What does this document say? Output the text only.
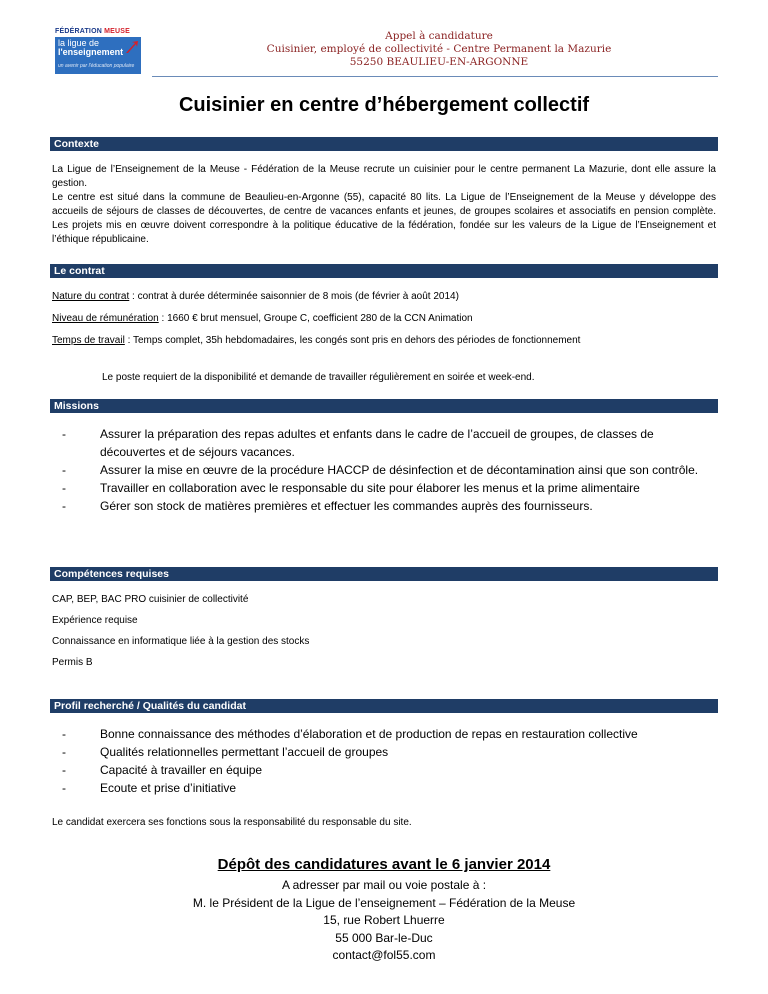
FÉDÉRATION MEUSE
la ligue de
l'enseignement
un avenir par l'éducation populaire
Appel à candidature
Cuisinier, employé de collectivité - Centre Permanent la Mazurie
55250 BEAULIEU-EN-ARGONNE
Cuisinier en centre d’hébergement collectif
Contexte
La Ligue de l’Enseignement de la Meuse - Fédération de la Meuse recrute un cuisinier pour le centre permanent La Mazurie, dont elle assure la gestion.
Le centre est situé dans la commune de Beaulieu-en-Argonne (55), capacité 80 lits. La Ligue de l’Enseignement de la Meuse y développe des accueils de séjours de classes de découvertes, de centre de vacances enfants et jeunes, de groupes scolaires et associatifs en pension complète. Les projets mis en œuvre doivent correspondre à la politique éducative de la fédération, fondée sur les valeurs de la Ligue de l’Enseignement et l’éthique républicaine.
Le contrat
Nature du contrat : contrat à durée déterminée saisonnier de 8 mois (de février à août 2014)
Niveau de rémunération : 1660 € brut mensuel, Groupe C, coefficient 280 de la CCN Animation
Temps de travail : Temps complet, 35h hebdomadaires, les congés sont pris en dehors des périodes de fonctionnement
Le poste requiert de la disponibilité et demande de travailler régulièrement en soirée et week-end.
Missions
-	Assurer la préparation des repas adultes et enfants dans le cadre de l’accueil de groupes, de classes de découvertes et de séjours vacances.
-	Assurer la mise en œuvre de la procédure HACCP de désinfection et de décontamination ainsi que son contrôle.
-	Travailler en collaboration avec le responsable du site pour élaborer les menus et la prime alimentaire
-	Gérer son stock de matières premières et effectuer les commandes auprès des fournisseurs.
Compétences requises
CAP, BEP, BAC PRO cuisinier de collectivité
Expérience requise
Connaissance en informatique liée à la gestion des stocks
Permis B
Profil recherché / Qualités du candidat
-	Bonne connaissance des méthodes d’élaboration et de production de repas en restauration collective
-	Qualités relationnelles permettant l’accueil de groupes
-	Capacité à travailler en équipe
-	Ecoute et prise d’initiative
Le candidat exercera ses fonctions sous la responsabilité du responsable du site.
Dépôt des candidatures avant le 6 janvier 2014
A adresser par mail ou voie postale à :
M. le Président de la Ligue de l’enseignement – Fédération de la Meuse
15, rue Robert Lhuerre
55 000 Bar-le-Duc
contact@fol55.com
